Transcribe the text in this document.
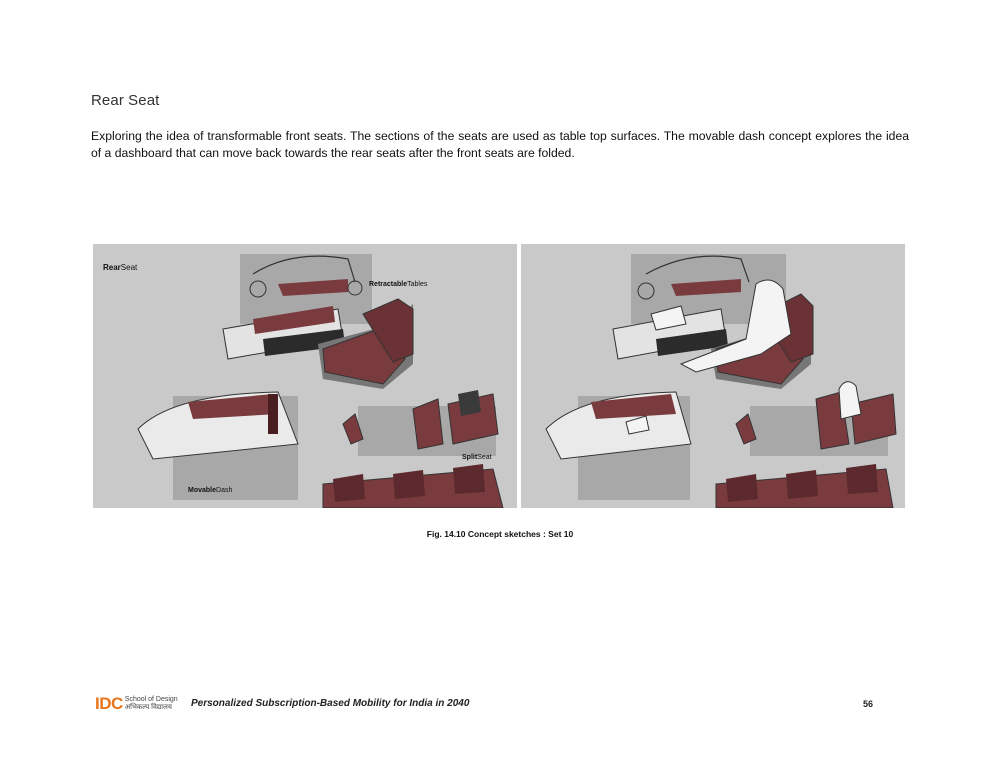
Rear Seat
Exploring the idea of transformable front seats. The sections of the seats are used as table top surfaces. The movable dash concept explores the idea of a dashboard that can move back towards the rear seats after the front seats are folded.
RearSeat
RetractableTables
SplitSeat
MovableDash
Fig. 14.10 Concept sketches : Set 10
IDC School of Design
अभिकल्प विद्यालय	Personalized Subscription-Based Mobility for India in 2040	56
